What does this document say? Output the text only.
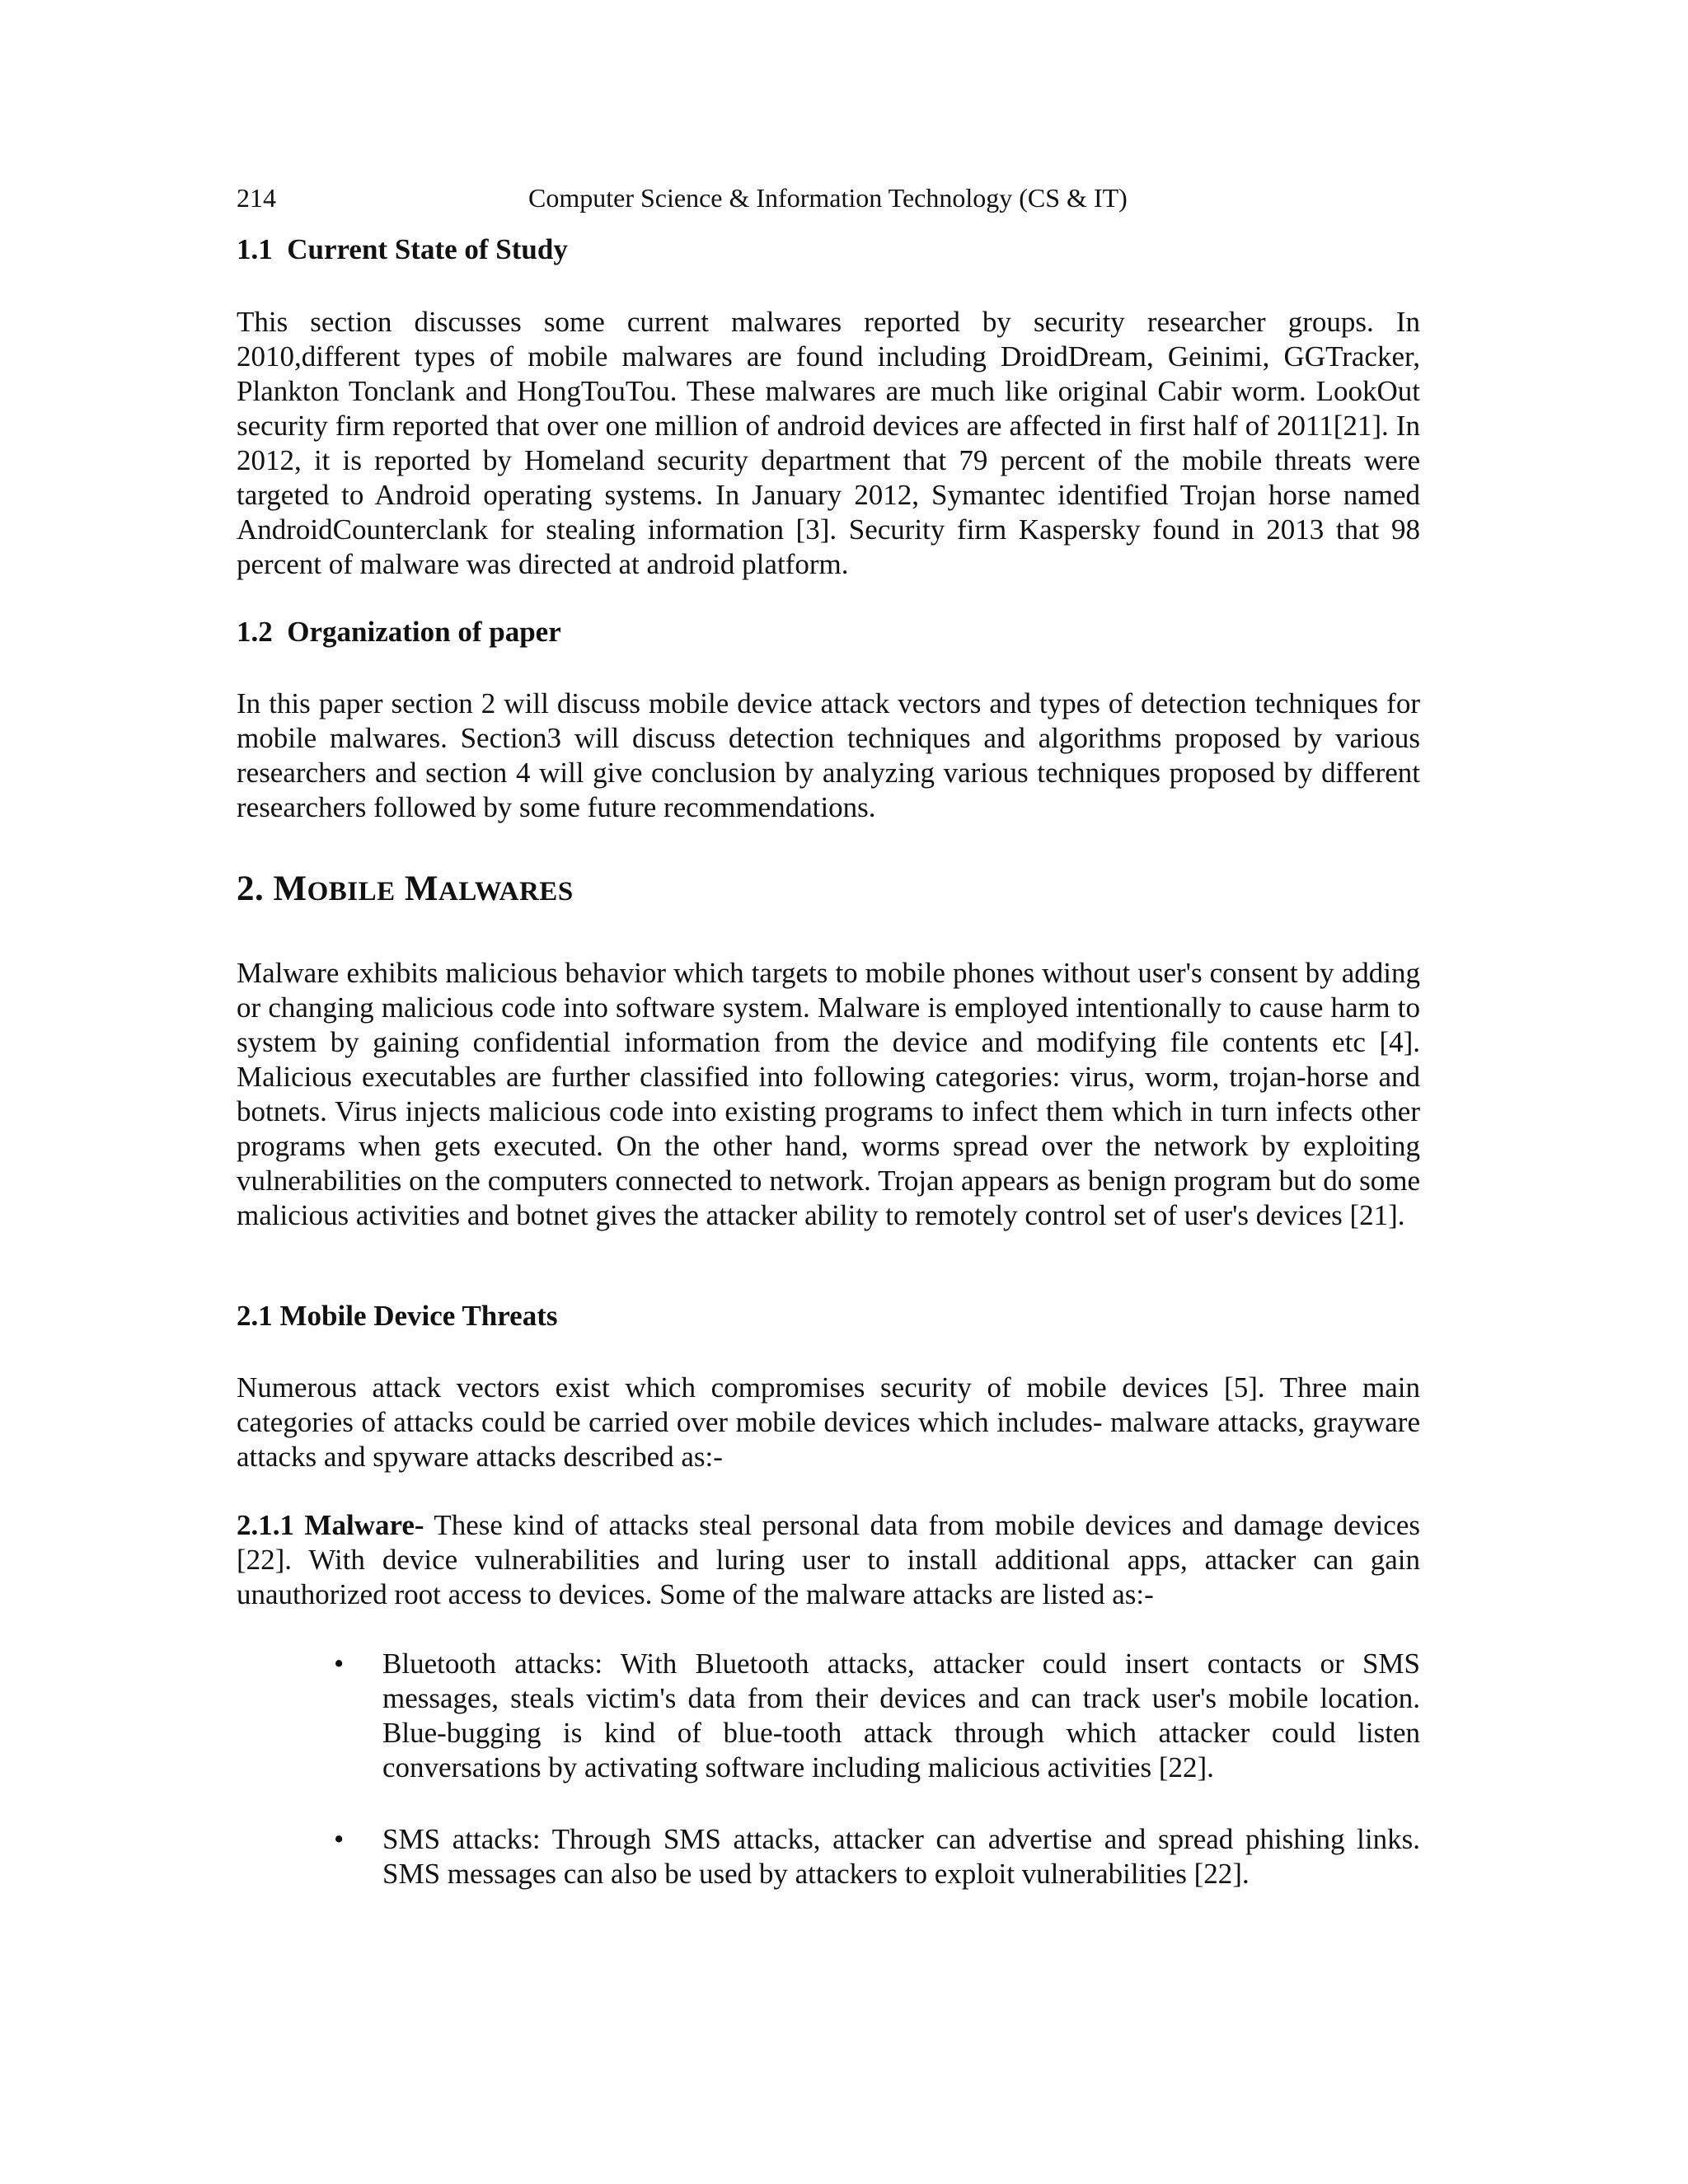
214	Computer Science & Information Technology (CS & IT)
1.1 Current State of Study

This section discusses some current malwares reported by security researcher groups. In 2010,different types of mobile malwares are found including DroidDream, Geinimi, GGTracker, Plankton Tonclank and HongTouTou. These malwares are much like original Cabir worm. LookOut security firm reported that over one million of android devices are affected in first half of 2011[21]. In 2012, it is reported by Homeland security department that 79 percent of the mobile threats were targeted to Android operating systems. In January 2012, Symantec identified Trojan horse named AndroidCounterclank for stealing information [3]. Security firm Kaspersky found in 2013 that 98 percent of malware was directed at android platform.

1.2 Organization of paper

In this paper section 2 will discuss mobile device attack vectors and types of detection techniques for mobile malwares. Section3 will discuss detection techniques and algorithms proposed by various researchers and section 4 will give conclusion by analyzing various techniques proposed by different researchers followed by some future recommendations.

2. MOBILE MALWARES

Malware exhibits malicious behavior which targets to mobile phones without user's consent by adding or changing malicious code into software system. Malware is employed intentionally to cause harm to system by gaining confidential information from the device and modifying file contents etc [4]. Malicious executables are further classified into following categories: virus, worm, trojan-horse and botnets. Virus injects malicious code into existing programs to infect them which in turn infects other programs when gets executed. On the other hand, worms spread over the network by exploiting vulnerabilities on the computers connected to network. Trojan appears as benign program but do some malicious activities and botnet gives the attacker ability to remotely control set of user's devices [21].

2.1 Mobile Device Threats

Numerous attack vectors exist which compromises security of mobile devices [5]. Three main categories of attacks could be carried over mobile devices which includes- malware attacks, grayware attacks and spyware attacks described as:-

2.1.1 Malware- These kind of attacks steal personal data from mobile devices and damage devices [22]. With device vulnerabilities and luring user to install additional apps, attacker can gain unauthorized root access to devices. Some of the malware attacks are listed as:-

• Bluetooth attacks: With Bluetooth attacks, attacker could insert contacts or SMS messages, steals victim's data from their devices and can track user's mobile location. Blue-bugging is kind of blue-tooth attack through which attacker could listen conversations by activating software including malicious activities [22].
• SMS attacks: Through SMS attacks, attacker can advertise and spread phishing links. SMS messages can also be used by attackers to exploit vulnerabilities [22].
